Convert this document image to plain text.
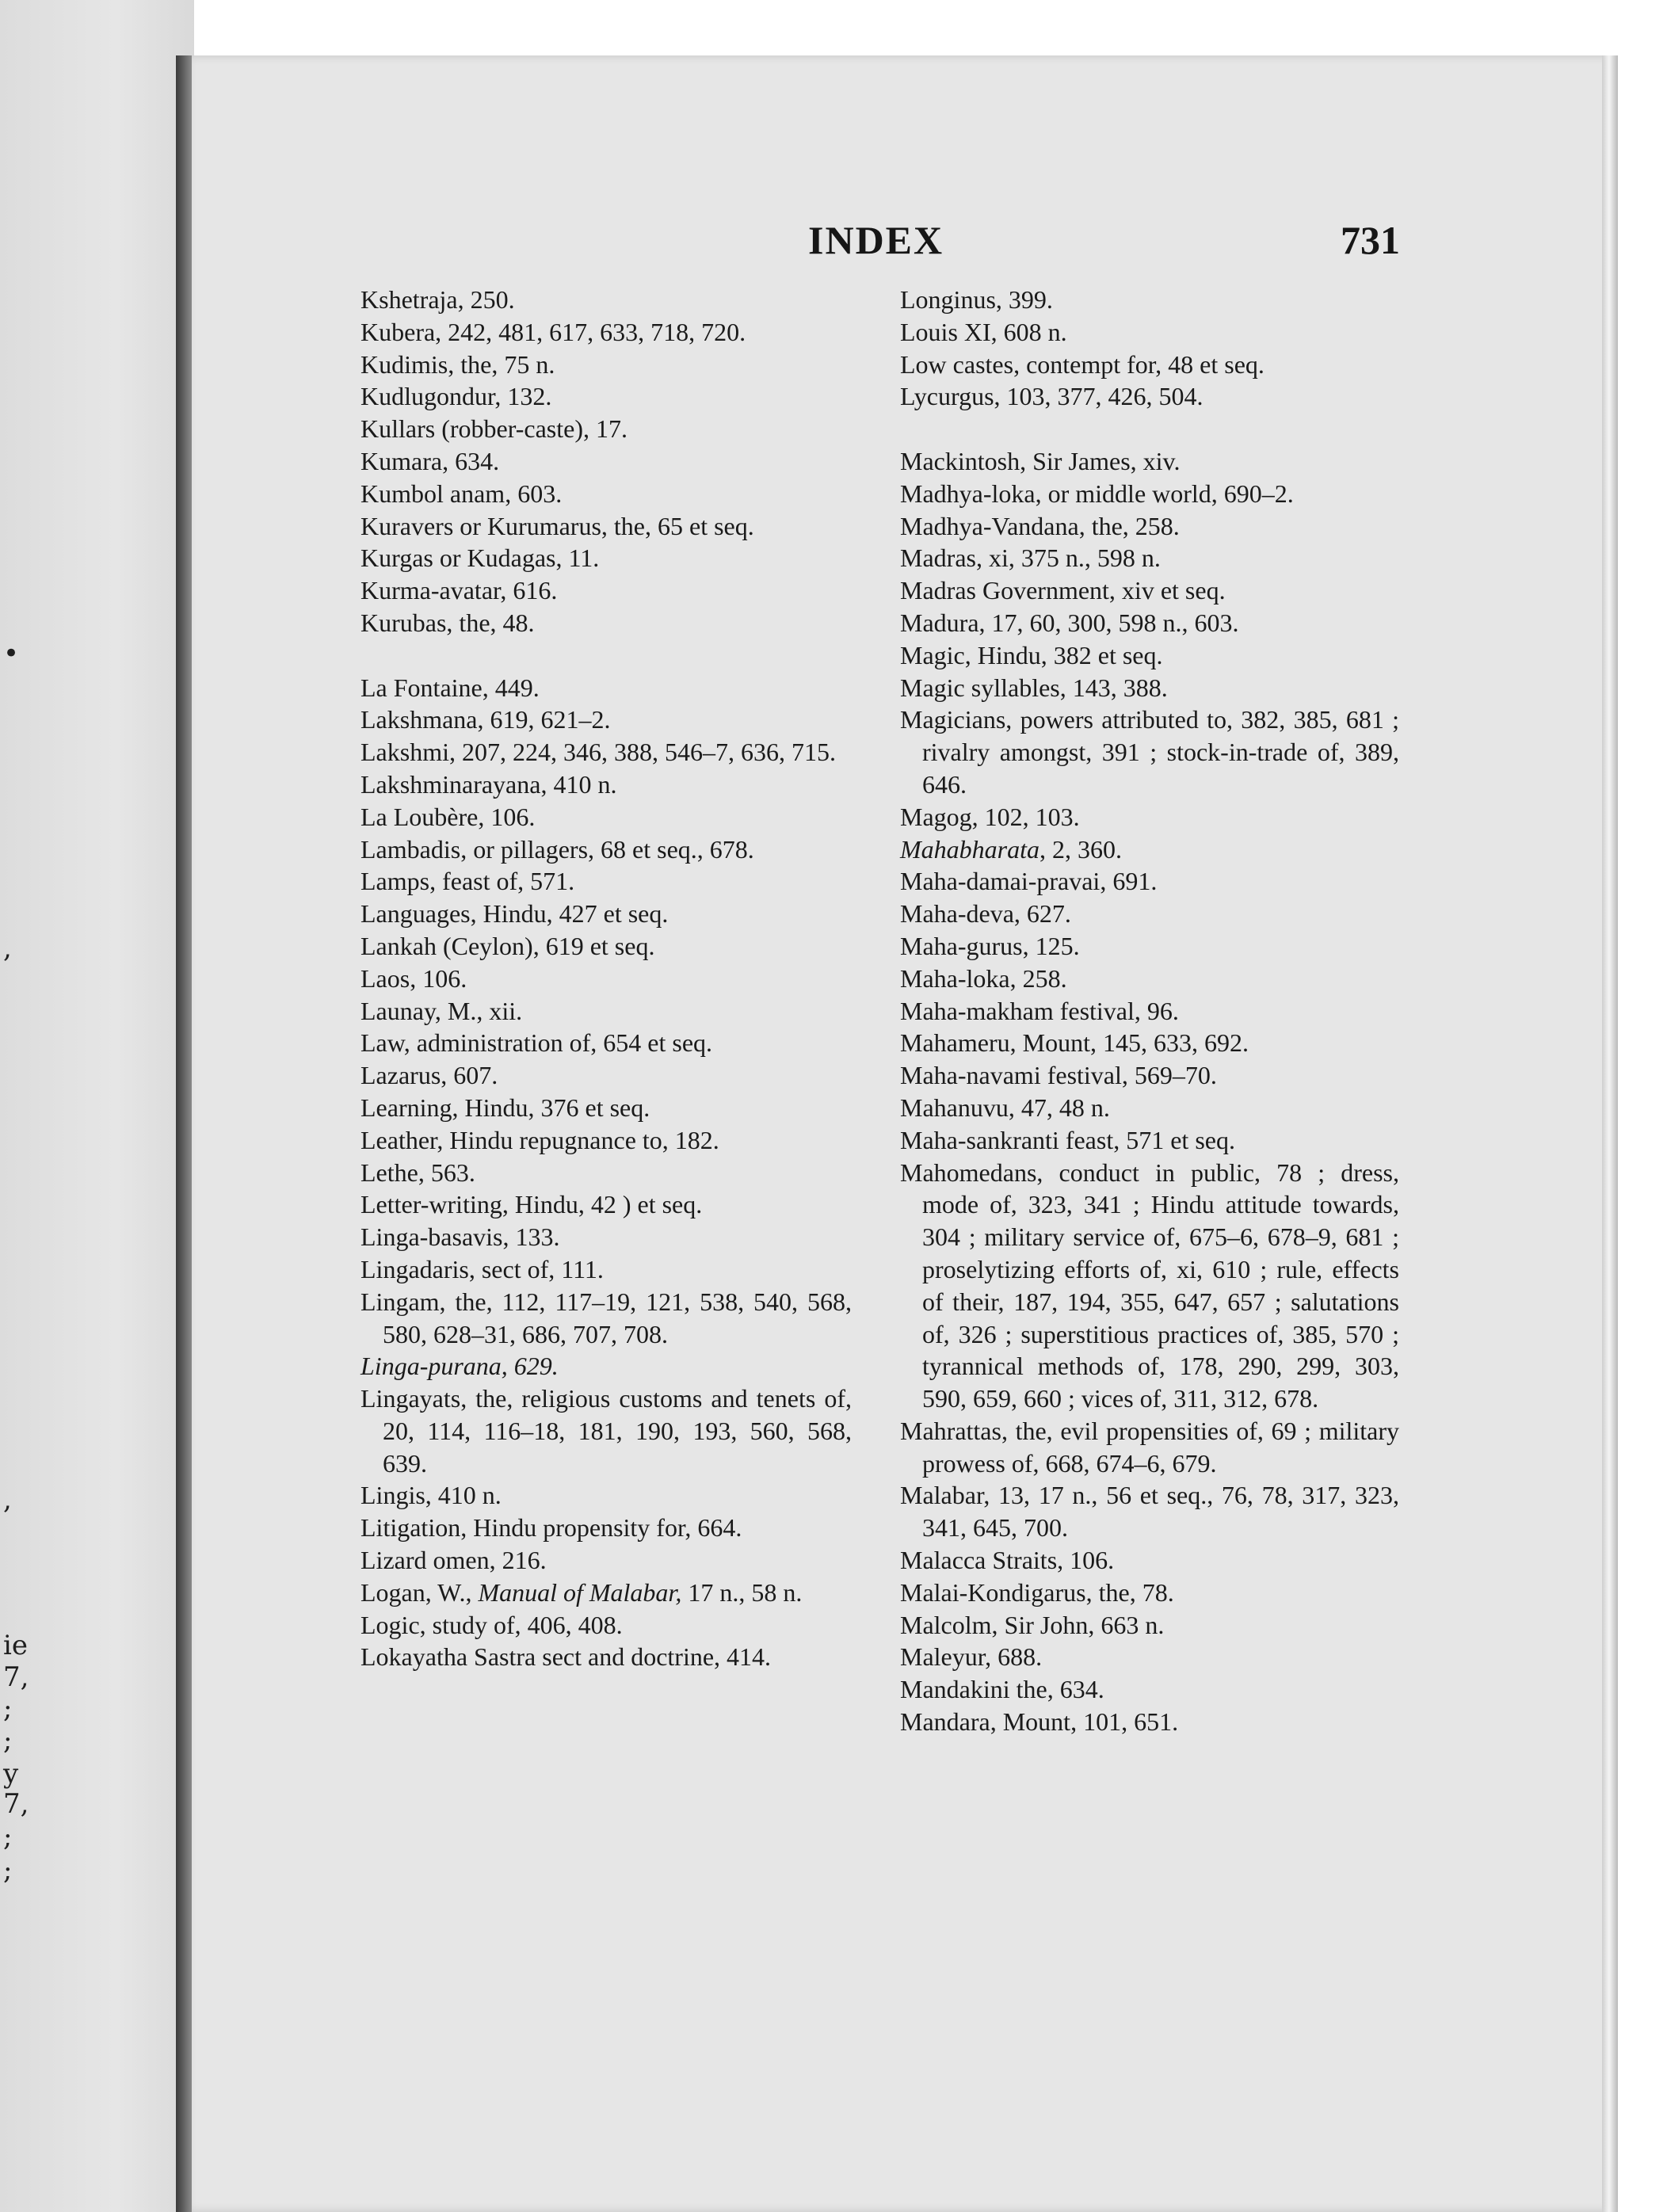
•
,
,
ie
7,
;
;
y
7,
;
;
INDEX	731
Kshetraja, 250.
Kubera, 242, 481, 617, 633, 718, 720.
Kudimis, the, 75 n.
Kudlugondur, 132.
Kullars (robber-caste), 17.
Kumara, 634.
Kumbol anam, 603.
Kuravers or Kurumarus, the, 65 et seq.
Kurgas or Kudagas, 11.
Kurma-avatar, 616.
Kurubas, the, 48.
La Fontaine, 449.
Lakshmana, 619, 621–2.
Lakshmi, 207, 224, 346, 388, 546–7, 636, 715.
Lakshminarayana, 410 n.
La Loubère, 106.
Lambadis, or pillagers, 68 et seq., 678.
Lamps, feast of, 571.
Languages, Hindu, 427 et seq.
Lankah (Ceylon), 619 et seq.
Laos, 106.
Launay, M., xii.
Law, administration of, 654 et seq.
Lazarus, 607.
Learning, Hindu, 376 et seq.
Leather, Hindu repugnance to, 182.
Lethe, 563.
Letter-writing, Hindu, 42 ) et seq.
Linga-basavis, 133.
Lingadaris, sect of, 111.
Lingam, the, 112, 117–19, 121, 538, 540, 568, 580, 628–31, 686, 707, 708.
Linga-purana, 629.
Lingayats, the, religious customs and tenets of, 20, 114, 116–18, 181, 190, 193, 560, 568, 639.
Lingis, 410 n.
Litigation, Hindu propensity for, 664.
Lizard omen, 216.
Logan, W., Manual of Malabar, 17 n., 58 n.
Logic, study of, 406, 408.
Lokayatha Sastra sect and doctrine, 414.
Longinus, 399.
Louis XI, 608 n.
Low castes, contempt for, 48 et seq.
Lycurgus, 103, 377, 426, 504.
Mackintosh, Sir James, xiv.
Madhya-loka, or middle world, 690–2.
Madhya-Vandana, the, 258.
Madras, xi, 375 n., 598 n.
Madras Government, xiv et seq.
Madura, 17, 60, 300, 598 n., 603.
Magic, Hindu, 382 et seq.
Magic syllables, 143, 388.
Magicians, powers attributed to, 382, 385, 681 ; rivalry amongst, 391 ; stock-in-trade of, 389, 646.
Magog, 102, 103.
Mahabharata, 2, 360.
Maha-damai-pravai, 691.
Maha-deva, 627.
Maha-gurus, 125.
Maha-loka, 258.
Maha-makham festival, 96.
Mahameru, Mount, 145, 633, 692.
Maha-navami festival, 569–70.
Mahanuvu, 47, 48 n.
Maha-sankranti feast, 571 et seq.
Mahomedans, conduct in public, 78 ; dress, mode of, 323, 341 ; Hindu attitude towards, 304 ; military service of, 675–6, 678–9, 681 ; proselytizing efforts of, xi, 610 ; rule, effects of their, 187, 194, 355, 647, 657 ; salutations of, 326 ; superstitious practices of, 385, 570 ; tyrannical methods of, 178, 290, 299, 303, 590, 659, 660 ; vices of, 311, 312, 678.
Mahrattas, the, evil propensities of, 69 ; military prowess of, 668, 674–6, 679.
Malabar, 13, 17 n., 56 et seq., 76, 78, 317, 323, 341, 645, 700.
Malacca Straits, 106.
Malai-Kondigarus, the, 78.
Malcolm, Sir John, 663 n.
Maleyur, 688.
Mandakini the, 634.
Mandara, Mount, 101, 651.
